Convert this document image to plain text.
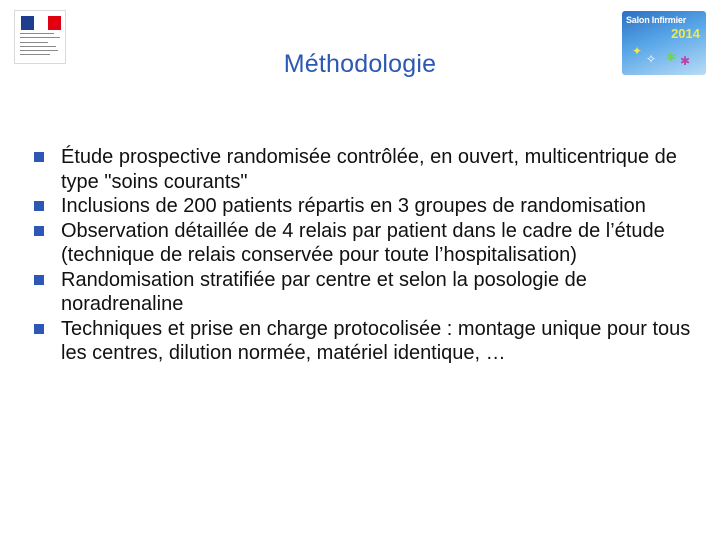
Salon Infirmier
2014
✦
✧ ✱ ✱
Méthodologie
Étude prospective randomisée contrôlée, en ouvert, multicentrique de type "soins courants"
Inclusions de 200 patients répartis en 3 groupes de randomisation
Observation détaillée de 4 relais par patient dans le cadre de l’étude (technique de relais conservée pour toute l’hospitalisation)
Randomisation stratifiée par centre et selon la posologie de noradrenaline
Techniques et prise en charge protocolisée : montage unique pour tous les centres, dilution normée, matériel identique, …
